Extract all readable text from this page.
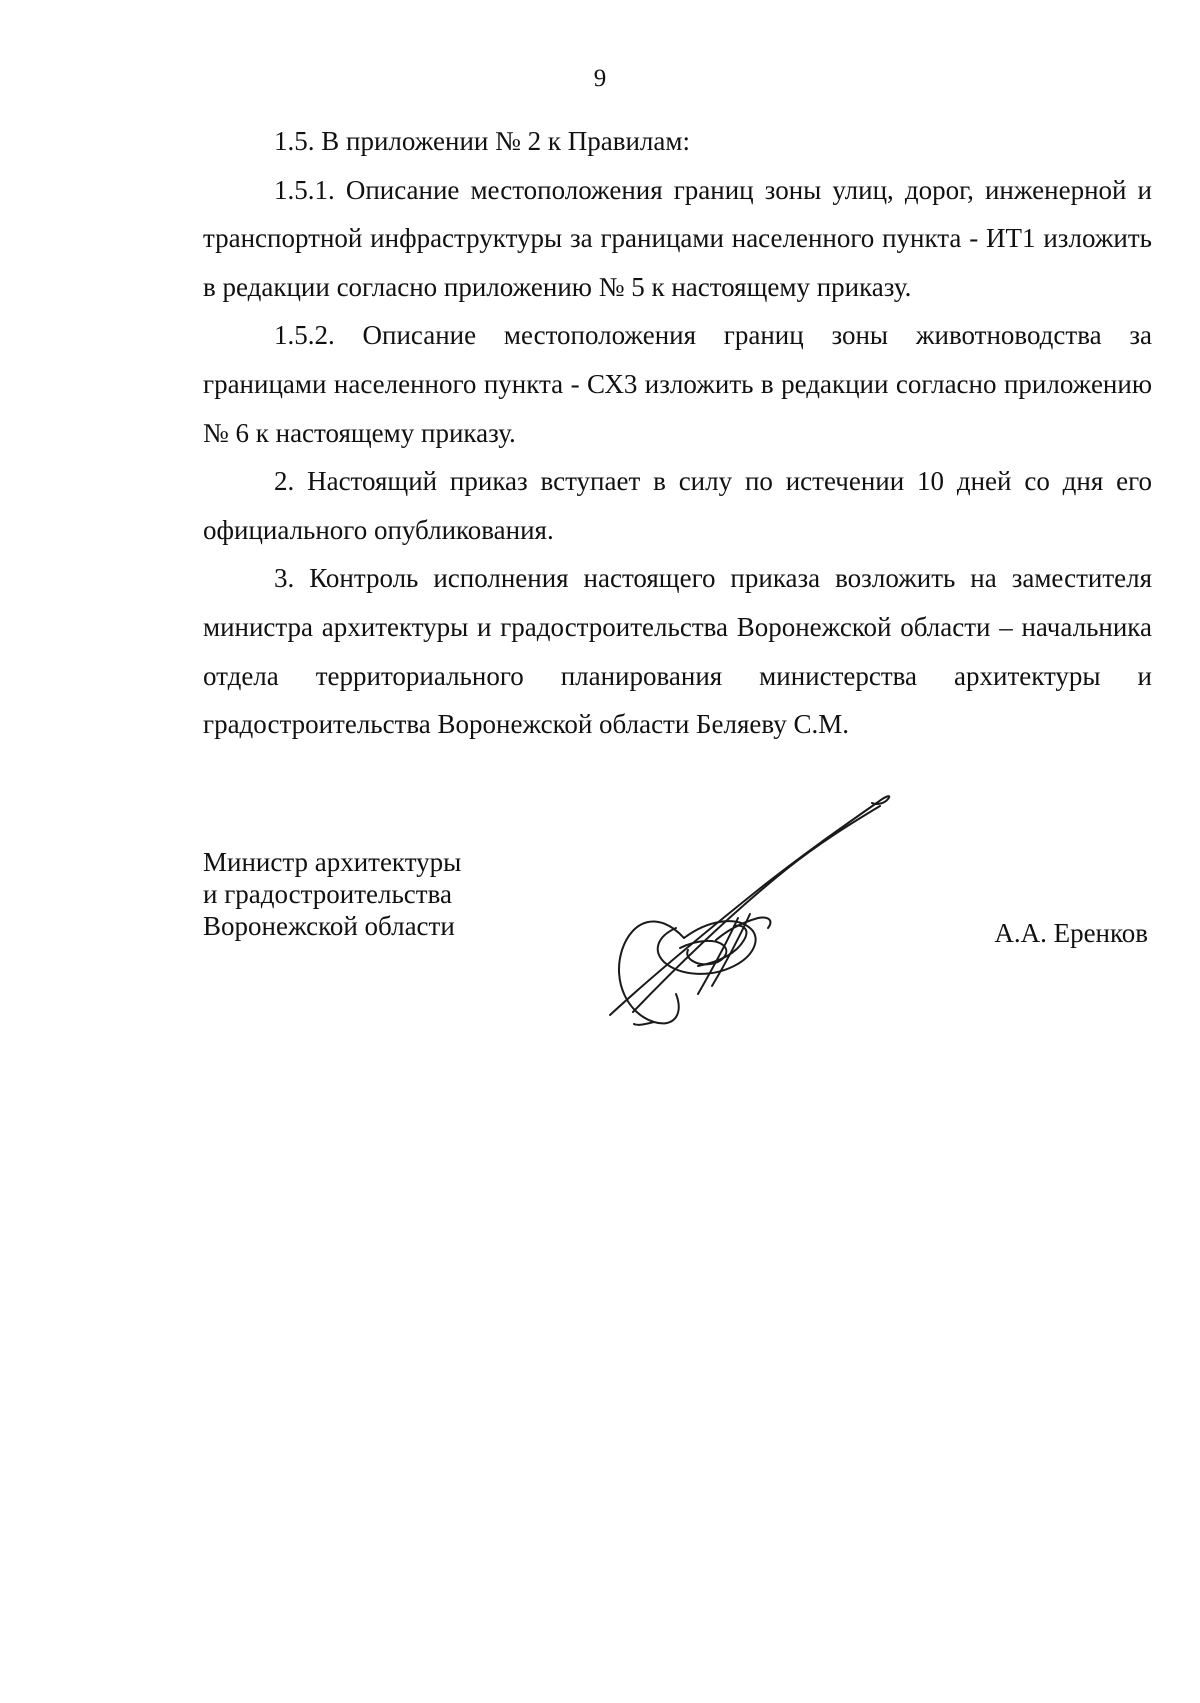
9

1.5. В приложении № 2 к Правилам:

1.5.1. Описание местоположения границ зоны улиц, дорог, инженерной и транспортной инфраструктуры за границами населенного пункта - ИТ1 изложить в редакции согласно приложению № 5 к настоящему приказу.

1.5.2. Описание местоположения границ зоны животноводства за границами населенного пункта - СХ3 изложить в редакции согласно приложению № 6 к настоящему приказу.

2. Настоящий приказ вступает в силу по истечении 10 дней со дня его официального опубликования.

3. Контроль исполнения настоящего приказа возложить на заместителя министра архитектуры и градостроительства Воронежской области – начальника отдела территориального планирования министерства архитектуры и градостроительства Воронежской области Беляеву С.М.

Министр архитектуры
и градостроительства
Воронежской области	А.А. Еренков
